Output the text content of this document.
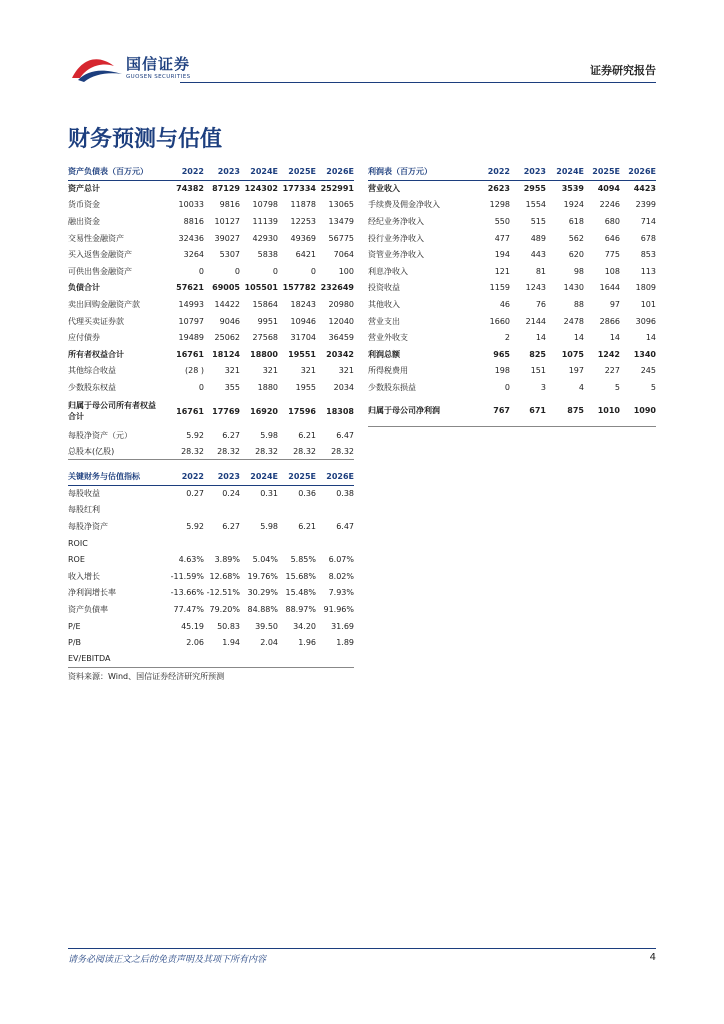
国信证券
GUOSEN SECURITIES	证券研究报告
财务预测与估值
资产负债表（百万元）	2022	2023	2024E	2025E	2026E
资产总计	74382	87129	124302	177334	252991
货币资金	10033	9816	10798	11878	13065
融出资金	8816	10127	11139	12253	13479
交易性金融资产	32436	39027	42930	49369	56775
买入返售金融资产	3264	5307	5838	6421	7064
可供出售金融资产	0	0	0	0	100
负债合计	57621	69005	105501	157782	232649
卖出回购金融资产款	14993	14422	15864	18243	20980
代理买卖证券款	10797	9046	9951	10946	12040
应付债券	19489	25062	27568	31704	36459
所有者权益合计	16761	18124	18800	19551	20342
其他综合收益	(28 )	321	321	321	321
少数股东权益	0	355	1880	1955	2034
归属于母公司所有者权益合计	16761	17769	16920	17596	18308
每股净资产（元）	5.92	6.27	5.98	6.21	6.47
总股本(亿股)	28.32	28.32	28.32	28.32	28.32
利润表（百万元）	2022	2023	2024E	2025E	2026E
营业收入	2623	2955	3539	4094	4423
手续费及佣金净收入	1298	1554	1924	2246	2399
经纪业务净收入	550	515	618	680	714
投行业务净收入	477	489	562	646	678
资管业务净收入	194	443	620	775	853
利息净收入	121	81	98	108	113
投资收益	1159	1243	1430	1644	1809
其他收入	46	76	88	97	101
营业支出	1660	2144	2478	2866	3096
营业外收支	2	14	14	14	14
利润总额	965	825	1075	1242	1340
所得税费用	198	151	197	227	245
少数股东损益	0	3	4	5	5
归属于母公司净利润	767	671	875	1010	1090
关键财务与估值指标	2022	2023	2024E	2025E	2026E
每股收益	0.27	0.24	0.31	0.36	0.38
每股红利					
每股净资产	5.92	6.27	5.98	6.21	6.47
ROIC					
ROE	4.63%	3.89%	5.04%	5.85%	6.07%
收入增长	-11.59%	12.68%	19.76%	15.68%	8.02%
净利润增长率	-13.66%	-12.51%	30.29%	15.48%	7.93%
资产负债率	77.47%	79.20%	84.88%	88.97%	91.96%
P/E	45.19	50.83	39.50	34.20	31.69
P/B	2.06	1.94	2.04	1.96	1.89
EV/EBITDA					
资料来源：Wind、国信证券经济研究所预测
请务必阅读正文之后的免责声明及其项下所有内容	4
